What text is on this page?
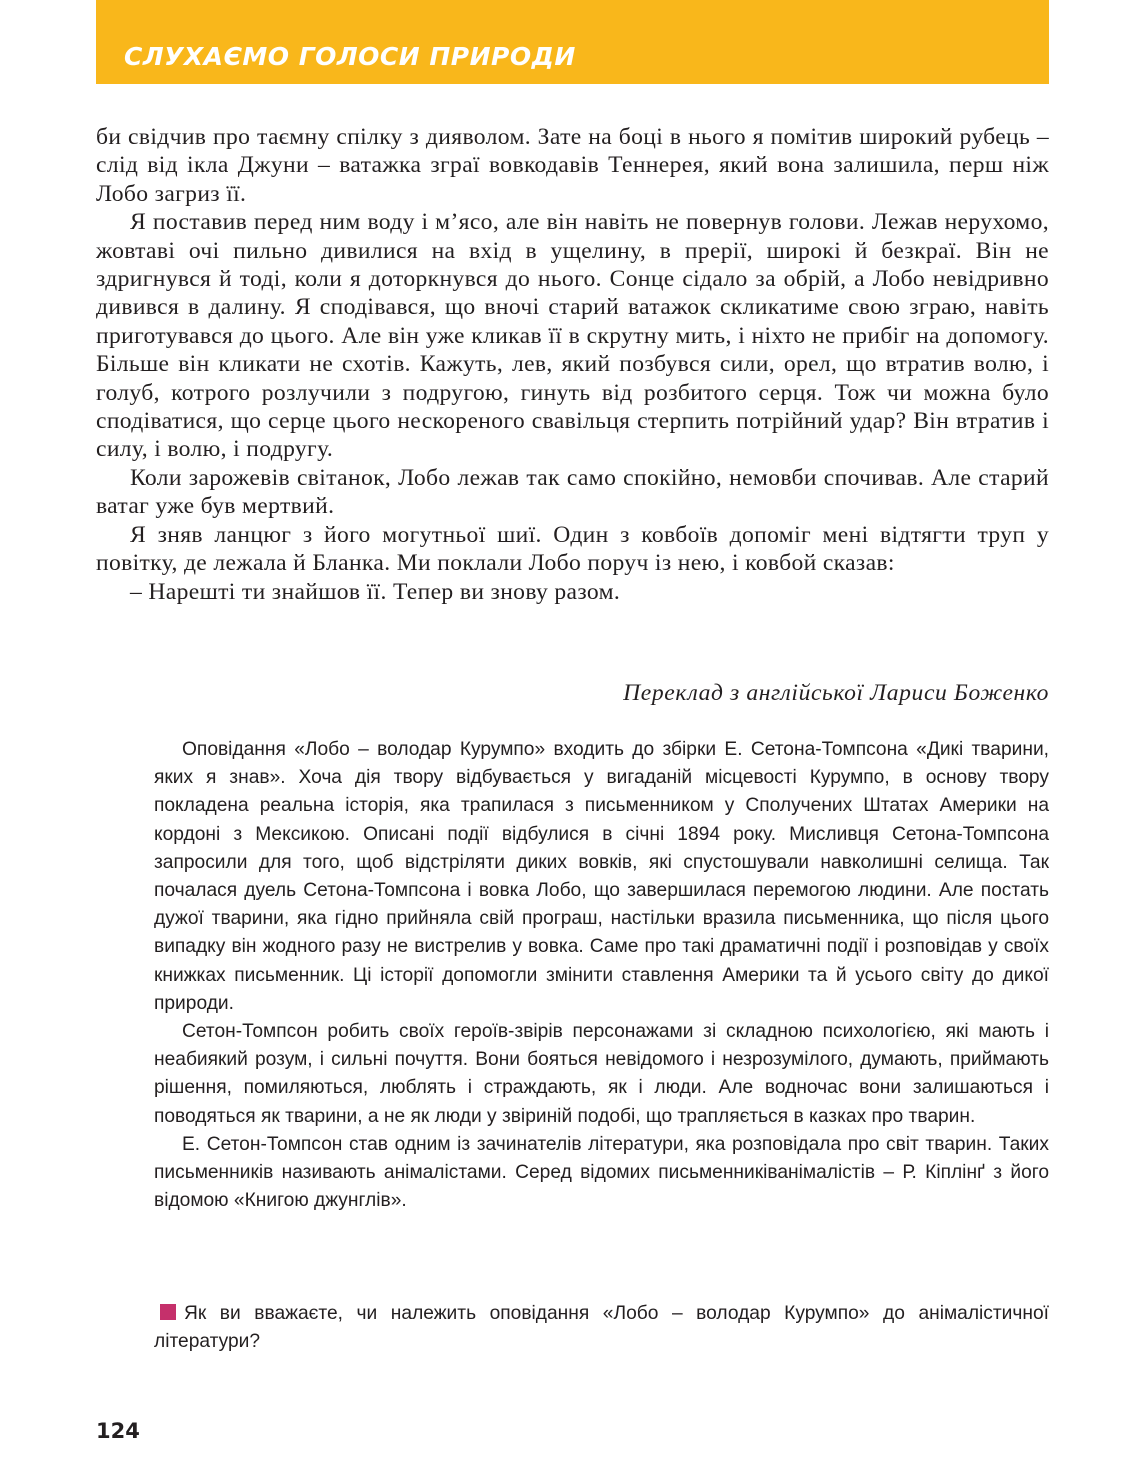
СЛУХАЄМО ГОЛОСИ ПРИРОДИ

би свідчив про таємну спілку з дияволом. Зате на боці в нього я помітив широкий рубець – слід від ікла Джуни – ватажка зграї вовкодавів Теннерея, який вона залишила, перш ніж Лобо загриз її.

Я поставив перед ним воду і м’ясо, але він навіть не повернув голови. Лежав нерухомо, жовтаві очі пильно дивилися на вхід в ущелину, в прерії, широкі й безкраї. Він не здригнувся й тоді, коли я доторкнувся до нього. Сонце сідало за обрій, а Лобо невідривно дивився в далину. Я сподівався, що вночі старий ватажок скликатиме свою зграю, навіть приготувався до цього. Але він уже кликав її в скрутну мить, і ніхто не прибіг на допомогу. Більше він кликати не схотів. Кажуть, лев, який позбувся сили, орел, що втратив волю, і голуб, котрого розлучили з подругою, гинуть від розбитого серця. Тож чи можна було сподіватися, що серце цього нескореного свавільця стерпить потрійний удар? Він втратив і силу, і волю, і подругу.

Коли зарожевів світанок, Лобо лежав так само спокійно, немовби спочивав. Але старий ватаг уже був мертвий.

Я зняв ланцюг з його могутньої шиї. Один з ковбоїв допоміг мені відтягти труп у повітку, де лежала й Бланка. Ми поклали Лобо поруч із нею, і ковбой сказав:

– Нарешті ти знайшов її. Тепер ви знову разом.

Переклад з англійської Лариси Боженко

Оповідання «Лобо – володар Курумпо» входить до збірки Е. Сетона-Томпсона «Дикі тварини, яких я знав». Хоча дія твору відбувається у вигаданій місцевості Курумпо, в основу твору покладена реальна історія, яка трапилася з письменником у Сполучених Штатах Америки на кордоні з Мексикою. Описані події відбулися в січні 1894 року. Мисливця Сетона-Томпсона запросили для того, щоб відстріляти диких вовків, які спустошували навколишні селища. Так почалася дуель Сетона-Томпсона і вовка Лобо, що завершилася перемогою людини. Але постать дужої тварини, яка гідно прийняла свій програш, настільки вразила письменника, що після цього випадку він жодного разу не вистрелив у вовка. Саме про такі драматичні події і розповідав у своїх книжках письменник. Ці історії допомогли змінити ставлення Америки та й усього світу до дикої природи.

Сетон-Томпсон робить своїх героїв-звірів персонажами зі складною психологією, які мають і неабиякий розум, і сильні почуття. Вони бояться невідомого і незрозумілого, думають, приймають рішення, помиляються, люблять і страждають, як і люди. Але водночас вони залишаються і поводяться як тварини, а не як люди у звіриній подобі, що трапляється в казках про тварин.

Е. Сетон-Томпсон став одним із зачинателів літератури, яка розповідала про світ тварин. Таких письменників називають анімалістами. Серед відомих письменниківанімалістів – Р. Кіплінґ з його відомою «Книгою джунглів».

Як ви вважаєте, чи належить оповідання «Лобо – володар Курумпо» до анімалістичної літератури?
124
